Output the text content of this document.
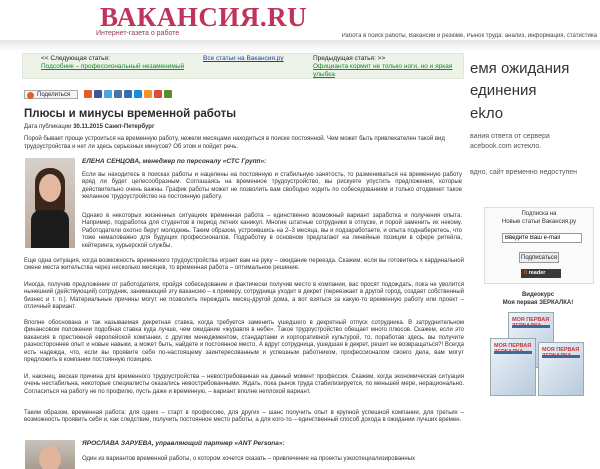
ВАКАНСИЯ.RU
Интернет-газета о работе	Работа в поиск работы, Вакансии и резюме, Рынок труда: анализ, информация, статистика
<< Следующая статья:
Подсобник – профессиональный незаменимый
Все статьи на Вакансия.ру	Предыдущая статья: >>
Официанта кормит не только ноги, но и яркая улыбка	емя ожидания
единения
ekло
вания ответа от сервера
acebook.com истекло.
вдно, сайт временно недоступен
Поделиться
Плюсы и минусы временной работы
Дата публикации 30.11.2015 Санкт-Петербург
Порой бывает проще устроиться на временную работу, нежели месяцами находиться в поиске постоянной. Чем может быть привлекателен такой вид трудоустройства и нет ли здесь серьезных минусов? Об этом и пойдет речь.
ЕЛЕНА СЕНЦОВА, менеджер по персоналу «СТС Групп»:
Если вы находитесь в поисках работы и нацелены на постоянную и стабильную занятость, то размениваться на временную работу вряд ли будет целесообразным. Соглашаясь на временное трудоустройство, вы рискуете упустить предложения, которые действительно очень важны. График работы может не позволить вам свободно ходить по собеседованиям и только отодвинет такое желанное трудоустройство на постоянную работу.
Однако в некоторых жизненных ситуациях временная работа – единственно возможный вариант заработка и получения опыта. Например, подработка для студентов в период летних каникул. Многие штатные сотрудники в отпуске, и порой заменить их некому. Работодатели охотно берут молодежь. Таким образом, устроившись на 2–3 месяца, вы и подзаработаете, и опыта поднаберетесь, что тоже немаловажно для будущих профессионалов. Подработку в основном предлагают на линейные позиции в сфере ритейла, кейтеринга, курьерской службы.
Еще одна ситуация, когда возможность временного трудоустройства играет вам на руку – ожидание переезда. Скажем, если вы готовитесь к кардинальной смене места жительства через несколько месяцев, то временная работа – оптимальное решение.
Иногда, получив предложение от работодателя, пройдя собеседование и фактически получив место в компании, вас просят подождать, пока не уволится нынешний (действующий) сотрудник, занимающий эту вакансию – к примеру, сотрудница уходит в декрет (переезжает в другой город, создает собственный бизнес и т. п.). Материальные причины могут не позволить переждать месяц-другой дома, а вот взяться за какую-то временную работу или проект – отличный вариант.
Вполне обоснована и так называемая декретная ставка, когда требуется заменить ушедшего в декретный отпуск сотрудника. В затруднительном финансовом положении подобная ставка куда лучше, чем ожидание «журавля в небе». Такое трудоустройство обещает много плюсов. Скажем, если это вакансия в престижной европейской компании, с другим менеджментом, стандартами и корпоративной культурой, то, поработав здесь, вы получите разностороннее опыт и новые навыки, а может быть, найдете и постоянное место. А вдруг сотрудница, ушедшая в декрет, решит не возвращаться?! Всегда есть надежда, что, если вы проявите себя по-настоящему заинтересованным и успешным работником, профессионалом своего дела, вам могут предложить в компании постоянную позицию.
И, наконец, веская причина для временного трудоустройства – невостребованная на данный момент профессия. Скажем, когда экономическая ситуация очень нестабильна, некоторые специалисты оказались невостребованными. Ждать, пока рынок труда стабилизируется, по меньшей мере, нерационально. Согласиться на работу не по профилю, пусть даже и временную, – вариант вполне неплохой вариант.
Таким образом, временная работа: для одних – старт в профессию, для других – шанс получить опыт в крупной успешной компании, для третьих – возможность проявить себя и, как следствие, получить постоянное место работы, а для кого-то – единственный способ дохода в ожидании лучших времен.
ЯРОСЛАВА ЗАРУЕВА, управляющий партнер «ANT Persona»:
Один из вариантов временной работы, о котором хочется сказать – привлечение на проекты узкоспециализированных
Подписка на
Новые статьи Вакансия.ру
Введите Ваш e-mail
Подписаться
0 reader
Видеокурс
Моя первая ЗЕРКАЛКА!
МОЯ ПЕРВАЯ
МОЯ ПЕРВАЯ
МОЯ ПЕРВАЯ
